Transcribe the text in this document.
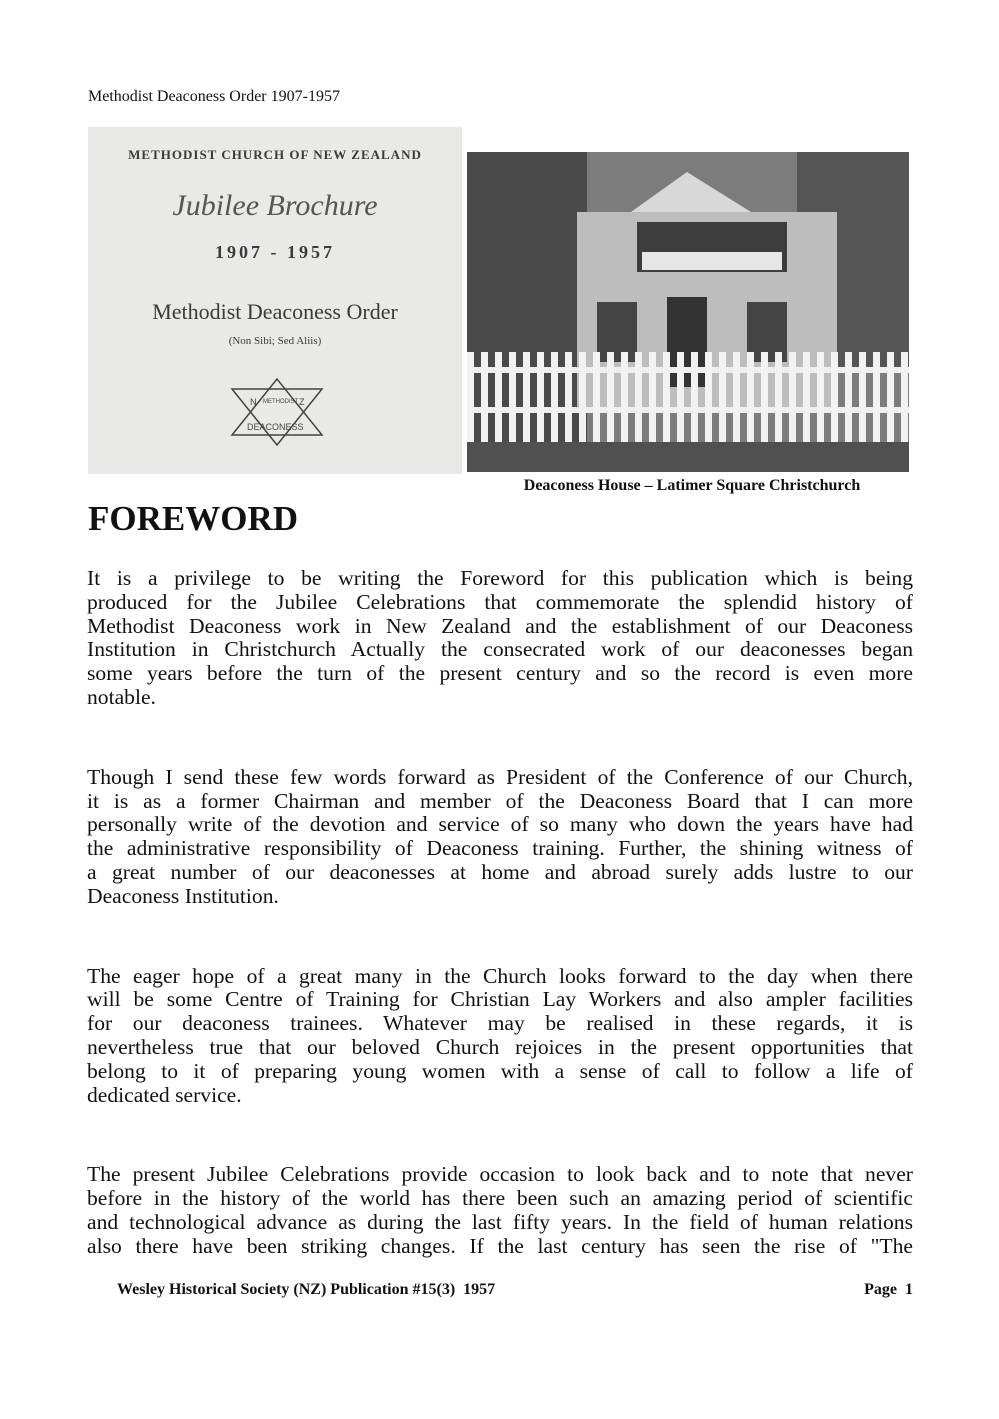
Methodist Deaconess Order 1907-1957
METHODIST CHURCH OF NEW ZEALAND
Jubilee Brochure
1907 - 1957
Methodist Deaconess Order
(Non Sibi; Sed Aliis)
N	Z
METHODIST
DEACONESS
Deaconess House – Latimer Square Christchurch
FOREWORD
It is a privilege to be writing the Foreword for this publication which is being
produced for the Jubilee Celebrations that commemorate the splendid history of
Methodist Deaconess work in New Zealand and the establishment of our Deaconess
Institution in Christchurch Actually the consecrated work of our deaconesses began
some years before the turn of the present century and so the record is even more
notable.
Though I send these few words forward as President of the Conference of our Church,
it is as a former Chairman and member of the Deaconess Board that I can more
personally write of the devotion and service of so many who down the years have had
the administrative responsibility of Deaconess training. Further, the shining witness of
a great number of our deaconesses at home and abroad surely adds lustre to our
Deaconess Institution.
The eager hope of a great many in the Church looks forward to the day when there
will be some Centre of Training for Christian Lay Workers and also ampler facilities
for our deaconess trainees. Whatever may be realised in these regards, it is
nevertheless true that our beloved Church rejoices in the present opportunities that
belong to it of preparing young women with a sense of call to follow a life of
dedicated service.
The present Jubilee Celebrations provide occasion to look back and to note that never
before in the history of the world has there been such an amazing period of scientific
and technological advance as during the last fifty years. In the field of human relations
also there have been striking changes. If the last century has seen the rise of "The
Wesley Historical Society (NZ) Publication #15(3)  1957	Page  1
